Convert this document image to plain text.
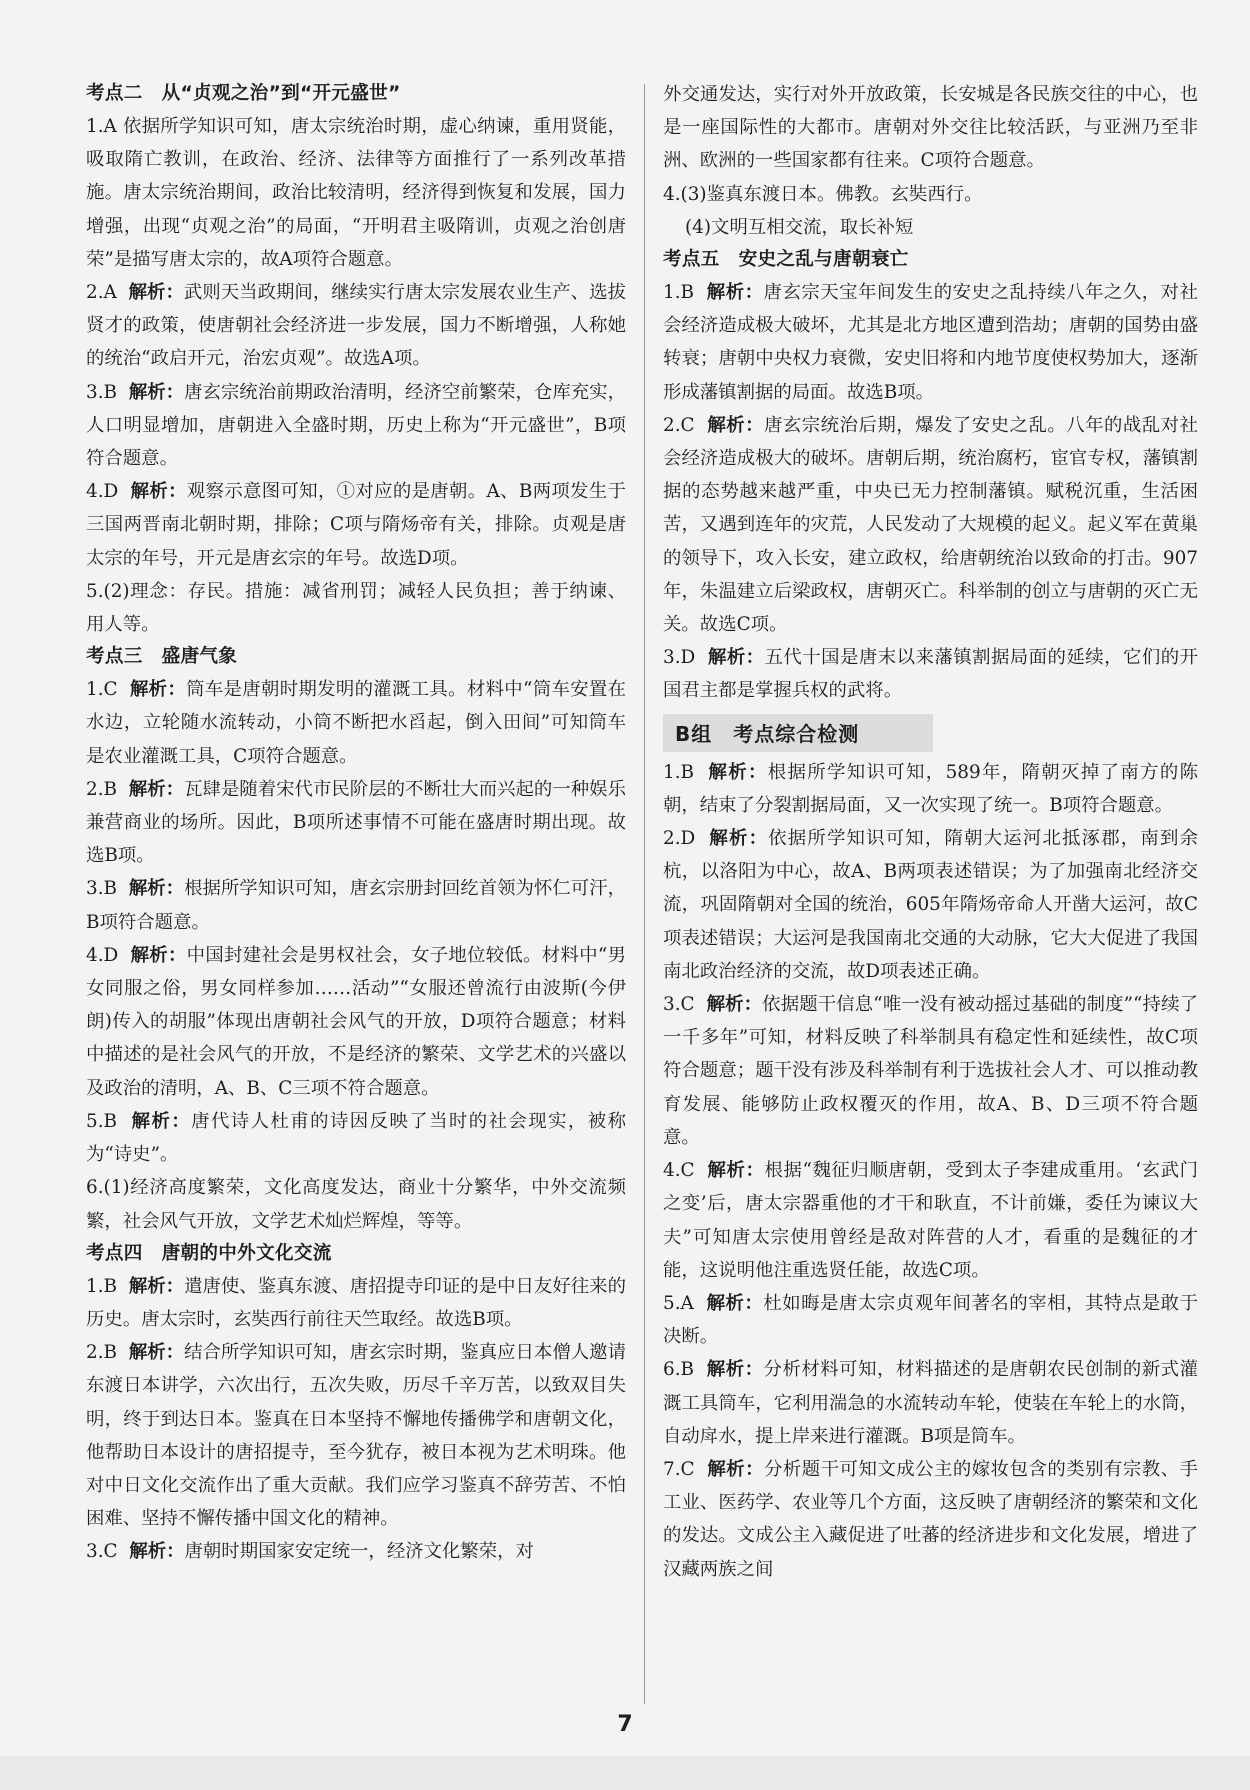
考点二　从“贞观之治”到“开元盛世”

1.A 依据所学知识可知，唐太宗统治时期，虚心纳谏，重用贤能，吸取隋亡教训，在政治、经济、法律等方面推行了一系列改革措施。唐太宗统治期间，政治比较清明，经济得到恢复和发展，国力增强，出现“贞观之治”的局面，“开明君主吸隋训，贞观之治创唐荣”是描写唐太宗的，故A项符合题意。

2.A 解析：武则天当政期间，继续实行唐太宗发展农业生产、选拔贤才的政策，使唐朝社会经济进一步发展，国力不断增强，人称她的统治“政启开元，治宏贞观”。故选A项。

3.B 解析：唐玄宗统治前期政治清明，经济空前繁荣，仓库充实，人口明显增加，唐朝进入全盛时期，历史上称为“开元盛世”，B项符合题意。

4.D 解析：观察示意图可知，①对应的是唐朝。A、B两项发生于三国两晋南北朝时期，排除；C项与隋炀帝有关，排除。贞观是唐太宗的年号，开元是唐玄宗的年号。故选D项。

5.(2)理念：存民。措施：减省刑罚；减轻人民负担；善于纳谏、用人等。

考点三　盛唐气象

1.C 解析：筒车是唐朝时期发明的灌溉工具。材料中“筒车安置在水边，立轮随水流转动，小筒不断把水舀起，倒入田间”可知筒车是农业灌溉工具，C项符合题意。

2.B 解析：瓦肆是随着宋代市民阶层的不断壮大而兴起的一种娱乐兼营商业的场所。因此，B项所述事情不可能在盛唐时期出现。故选B项。

3.B 解析：根据所学知识可知，唐玄宗册封回纥首领为怀仁可汗，B项符合题意。

4.D 解析：中国封建社会是男权社会，女子地位较低。材料中“男女同服之俗，男女同样参加……活动”“女服还曾流行由波斯(今伊朗)传入的胡服”体现出唐朝社会风气的开放，D项符合题意；材料中描述的是社会风气的开放，不是经济的繁荣、文学艺术的兴盛以及政治的清明，A、B、C三项不符合题意。

5.B 解析：唐代诗人杜甫的诗因反映了当时的社会现实，被称为“诗史”。

6.(1)经济高度繁荣，文化高度发达，商业十分繁华，中外交流频繁，社会风气开放，文学艺术灿烂辉煌，等等。

考点四　唐朝的中外文化交流

1.B 解析：遣唐使、鉴真东渡、唐招提寺印证的是中日友好往来的历史。唐太宗时，玄奘西行前往天竺取经。故选B项。

2.B 解析：结合所学知识可知，唐玄宗时期，鉴真应日本僧人邀请东渡日本讲学，六次出行，五次失败，历尽千辛万苦，以致双目失明，终于到达日本。鉴真在日本坚持不懈地传播佛学和唐朝文化，他帮助日本设计的唐招提寺，至今犹存，被日本视为艺术明珠。他对中日文化交流作出了重大贡献。我们应学习鉴真不辞劳苦、不怕困难、坚持不懈传播中国文化的精神。

3.C 解析：唐朝时期国家安定统一，经济文化繁荣，对

外交通发达，实行对外开放政策，长安城是各民族交往的中心，也是一座国际性的大都市。唐朝对外交往比较活跃，与亚洲乃至非洲、欧洲的一些国家都有往来。C项符合题意。

4.(3)鉴真东渡日本。佛教。玄奘西行。

(4)文明互相交流，取长补短

考点五　安史之乱与唐朝衰亡

1.B 解析：唐玄宗天宝年间发生的安史之乱持续八年之久，对社会经济造成极大破坏，尤其是北方地区遭到浩劫；唐朝的国势由盛转衰；唐朝中央权力衰微，安史旧将和内地节度使权势加大，逐渐形成藩镇割据的局面。故选B项。

2.C 解析：唐玄宗统治后期，爆发了安史之乱。八年的战乱对社会经济造成极大的破坏。唐朝后期，统治腐朽，宦官专权，藩镇割据的态势越来越严重，中央已无力控制藩镇。赋税沉重，生活困苦，又遇到连年的灾荒，人民发动了大规模的起义。起义军在黄巢的领导下，攻入长安，建立政权，给唐朝统治以致命的打击。907年，朱温建立后梁政权，唐朝灭亡。科举制的创立与唐朝的灭亡无关。故选C项。

3.D 解析：五代十国是唐末以来藩镇割据局面的延续，它们的开国君主都是掌握兵权的武将。

B组　考点综合检测

1.B 解析：根据所学知识可知，589年，隋朝灭掉了南方的陈朝，结束了分裂割据局面，又一次实现了统一。B项符合题意。

2.D 解析：依据所学知识可知，隋朝大运河北抵涿郡，南到余杭，以洛阳为中心，故A、B两项表述错误；为了加强南北经济交流，巩固隋朝对全国的统治，605年隋炀帝命人开凿大运河，故C项表述错误；大运河是我国南北交通的大动脉，它大大促进了我国南北政治经济的交流，故D项表述正确。

3.C 解析：依据题干信息“唯一没有被动摇过基础的制度”“持续了一千多年”可知，材料反映了科举制具有稳定性和延续性，故C项符合题意；题干没有涉及科举制有利于选拔社会人才、可以推动教育发展、能够防止政权覆灭的作用，故A、B、D三项不符合题意。

4.C 解析：根据“魏征归顺唐朝，受到太子李建成重用。‘玄武门之变’后，唐太宗器重他的才干和耿直，不计前嫌，委任为谏议大夫”可知唐太宗使用曾经是敌对阵营的人才，看重的是魏征的才能，这说明他注重选贤任能，故选C项。

5.A 解析：杜如晦是唐太宗贞观年间著名的宰相，其特点是敢于决断。

6.B 解析：分析材料可知，材料描述的是唐朝农民创制的新式灌溉工具筒车，它利用湍急的水流转动车轮，使装在车轮上的水筒，自动戽水，提上岸来进行灌溉。B项是筒车。

7.C 解析：分析题干可知文成公主的嫁妆包含的类别有宗教、手工业、医药学、农业等几个方面，这反映了唐朝经济的繁荣和文化的发达。文成公主入藏促进了吐蕃的经济进步和文化发展，增进了汉藏两族之间

7
